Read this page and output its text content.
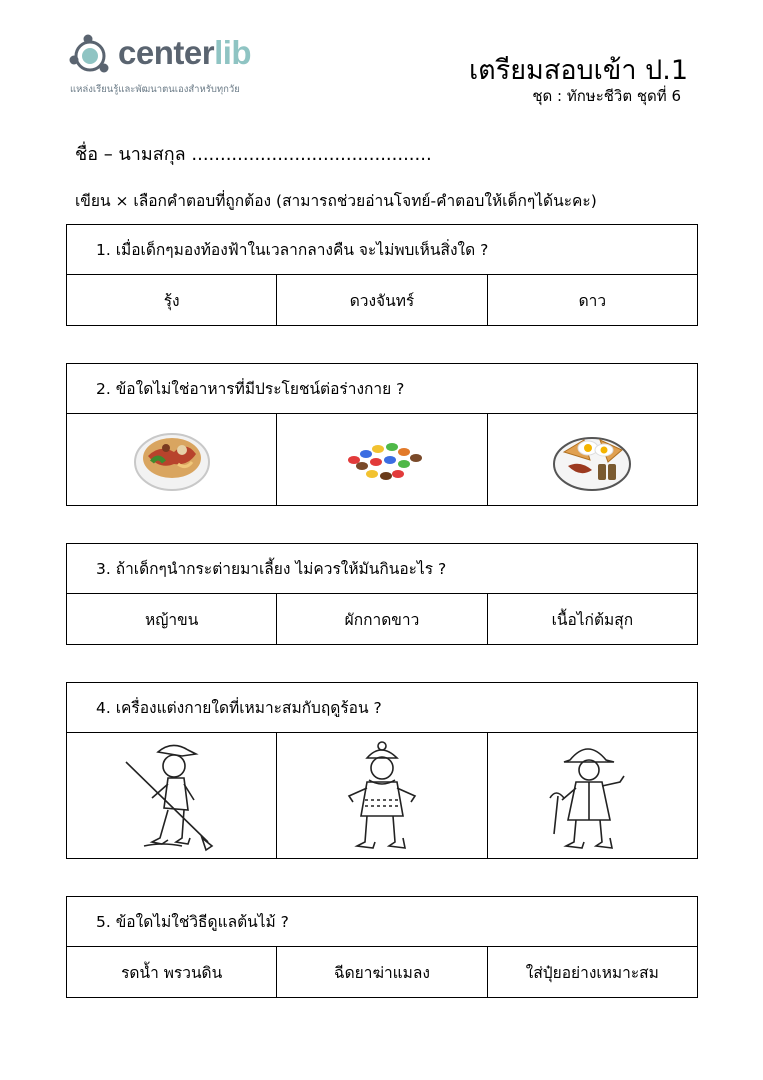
centerlib
แหล่งเรียนรู้และพัฒนาตนเองสำหรับทุกวัย
เตรียมสอบเข้า ป.1
ชุด : ทักษะชีวิต ชุดที่ 6
ชื่อ – นามสกุล ..........................................
เขียน × เลือกคำตอบที่ถูกต้อง (สามารถช่วยอ่านโจทย์-คำตอบให้เด็กๆได้นะคะ)
1. เมื่อเด็กๆมองท้องฟ้าในเวลากลางคืน จะไม่พบเห็นสิ่งใด ?
รุ้ง	ดวงจันทร์	ดาว
2. ข้อใดไม่ใช่อาหารที่มีประโยชน์ต่อร่างกาย ?
3. ถ้าเด็กๆนำกระต่ายมาเลี้ยง ไม่ควรให้มันกินอะไร ?
หญ้าขน	ผักกาดขาว	เนื้อไก่ต้มสุก
4. เครื่องแต่งกายใดที่เหมาะสมกับฤดูร้อน ?
5. ข้อใดไม่ใช่วิธีดูแลต้นไม้ ?
รดน้ำ พรวนดิน	ฉีดยาฆ่าแมลง	ใส่ปุ๋ยอย่างเหมาะสม
